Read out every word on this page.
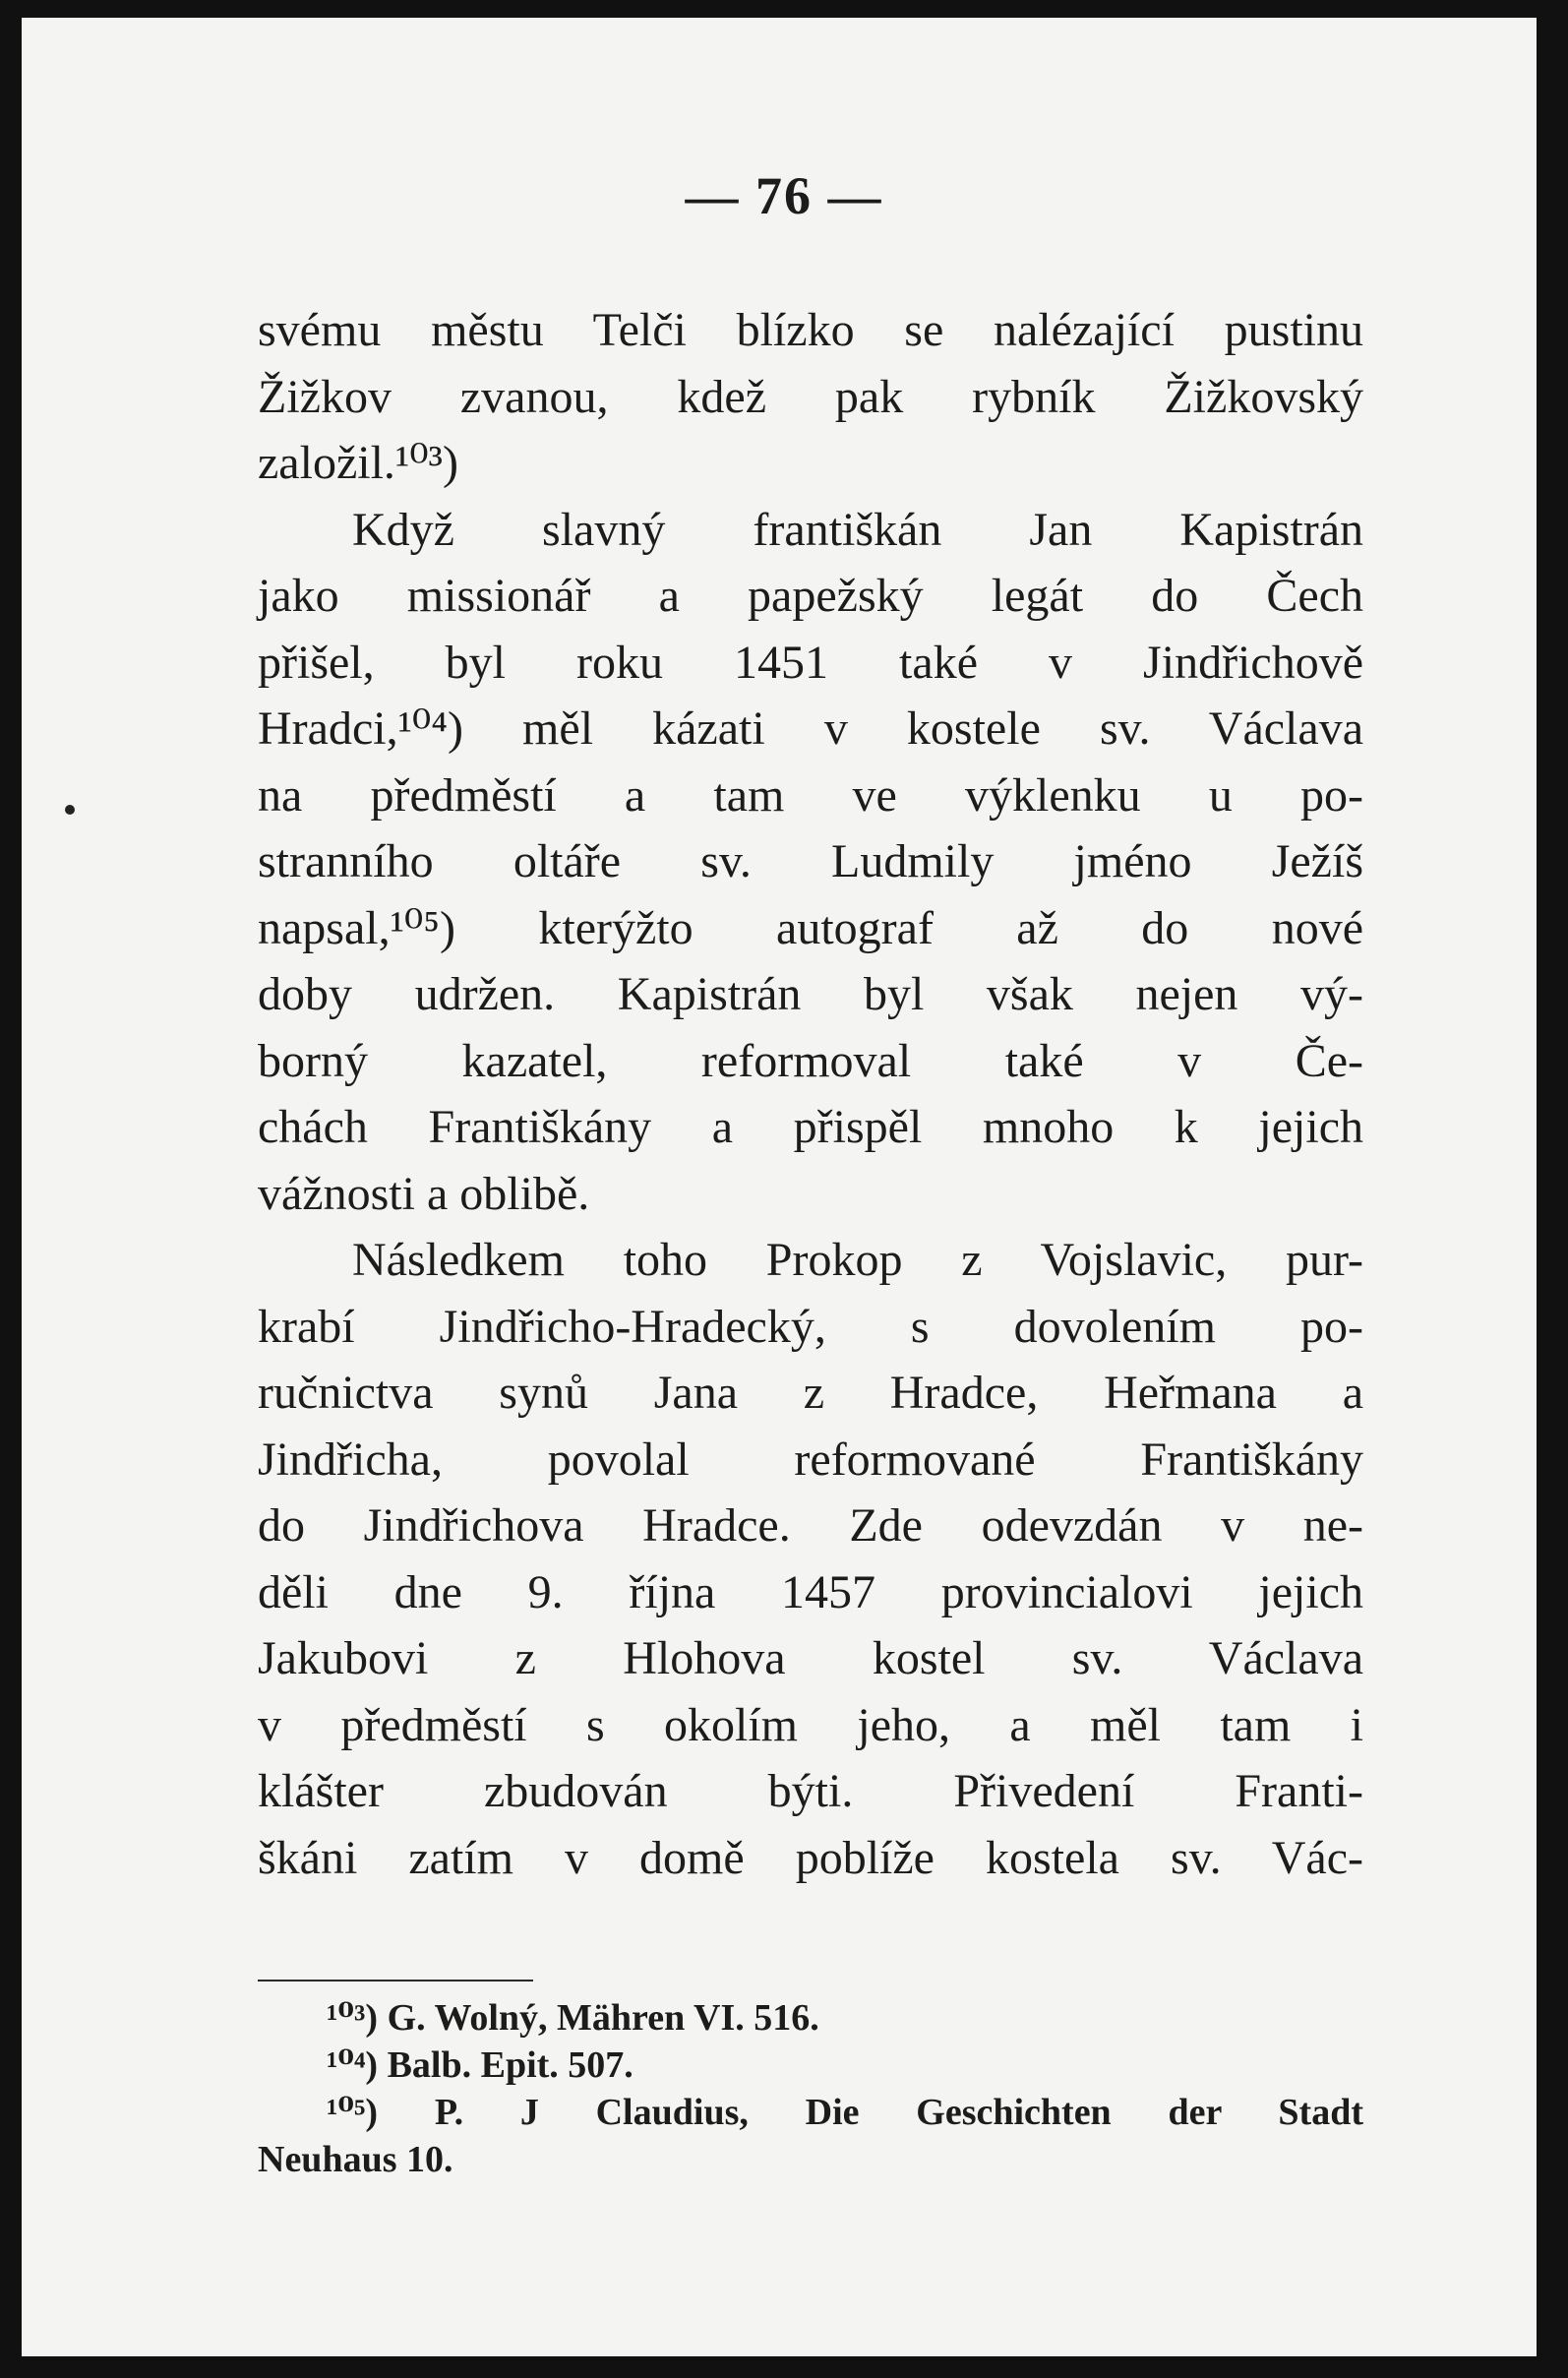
— 76 —
svému městu Telči blízko se nalézající pustinu
Žižkov zvanou, kdež pak rybník Žižkovský
založil.¹⁰³)
Když slavný františkán Jan Kapistrán
jako missionář a papežský legát do Čech
přišel, byl roku 1451 také v Jindřichově
Hradci,¹⁰⁴) měl kázati v kostele sv. Václava
na předměstí a tam ve výklenku u po-
stranního oltáře sv. Ludmily jméno Ježíš
napsal,¹⁰⁵) kterýžto autograf až do nové
doby udržen. Kapistrán byl však nejen vý-
borný kazatel, reformoval také v Če-
chách Františkány a přispěl mnoho k jejich
vážnosti a oblibě.
Následkem toho Prokop z Vojslavic, pur-
krabí Jindřicho-Hradecký, s dovolením po-
ručnictva synů Jana z Hradce, Heřmana a
Jindřicha, povolal reformované Františkány
do Jindřichova Hradce. Zde odevzdán v ne-
děli dne 9. října 1457 provincialovi jejich
Jakubovi z Hlohova kostel sv. Václava
v předměstí s okolím jeho, a měl tam i
klášter zbudován býti. Přivedení Franti-
škáni zatím v domě poblíže kostela sv. Vác-
¹⁰³) G. Wolný, Mähren VI. 516.
¹⁰⁴) Balb. Epit. 507.
¹⁰⁵) P. J Claudius, Die Geschichten der Stadt
Neuhaus 10.
